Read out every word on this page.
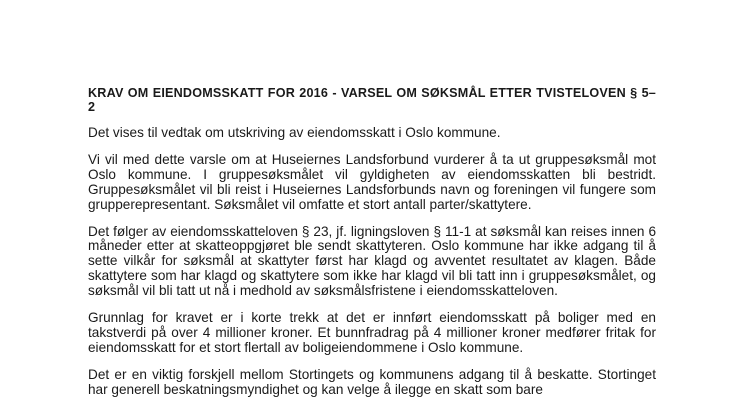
KRAV OM EIENDOMSSKATT FOR 2016 - VARSEL OM SØKSMÅL ETTER TVISTELOVEN § 5–2

Det vises til vedtak om utskriving av eiendomsskatt i Oslo kommune.

Vi vil med dette varsle om at Huseiernes Landsforbund vurderer å ta ut gruppesøksmål mot Oslo kommune. I gruppesøksmålet vil gyldigheten av eiendomsskatten bli bestridt. Gruppesøksmålet vil bli reist i Huseiernes Landsforbunds navn og foreningen vil fungere som grupperepresentant. Søksmålet vil omfatte et stort antall parter/skattytere.

Det følger av eiendomsskatteloven § 23, jf. ligningsloven § 11-1 at søksmål kan reises innen 6 måneder etter at skatteoppgjøret ble sendt skattyteren. Oslo kommune har ikke adgang til å sette vilkår for søksmål at skattyter først har klagd og avventet resultatet av klagen. Både skattytere som har klagd og skattytere som ikke har klagd vil bli tatt inn i gruppesøksmålet, og søksmål vil bli tatt ut nå i medhold av søksmålsfristene i eiendomsskatteloven.

Grunnlag for kravet er i korte trekk at det er innført eiendomsskatt på boliger med en takstverdi på over 4 millioner kroner. Et bunnfradrag på 4 millioner kroner medfører fritak for eiendomsskatt for et stort flertall av boligeiendommene i Oslo kommune.

Det er en viktig forskjell mellom Stortingets og kommunens adgang til å beskatte. Stortinget har generell beskatningsmyndighet og kan velge å ilegge en skatt som bare
